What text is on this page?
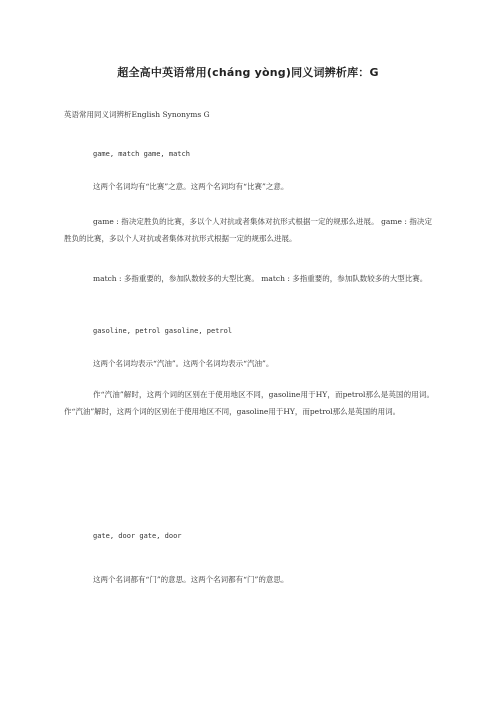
超全高中英语常用(cháng yòng)同义词辨析库：G
英语常用同义词辨析English Synonyms G
game, match game, match
这两个名词均有“比赛”之意。这两个名词均有“比赛”之意。
game : 指决定胜负的比赛，多以个人对抗或者集体对抗形式根据一定的规那么进展。 game : 指决定胜负的比赛，多以个人对抗或者集体对抗形式根据一定的规那么进展。
match : 多指重要的，参加队数较多的大型比赛。 match : 多指重要的，参加队数较多的大型比赛。
gasoline, petrol gasoline, petrol
这两个名词均表示“汽油”。这两个名词均表示“汽油”。
作“汽油”解时，这两个词的区别在于使用地区不同，gasoline用于HY，而petrol那么是英国的用词。作“汽油”解时，这两个词的区别在于使用地区不同，gasoline用于HY，而petrol那么是英国的用词。
gate, door gate, door
这两个名词都有“门”的意思。这两个名词都有“门”的意思。
